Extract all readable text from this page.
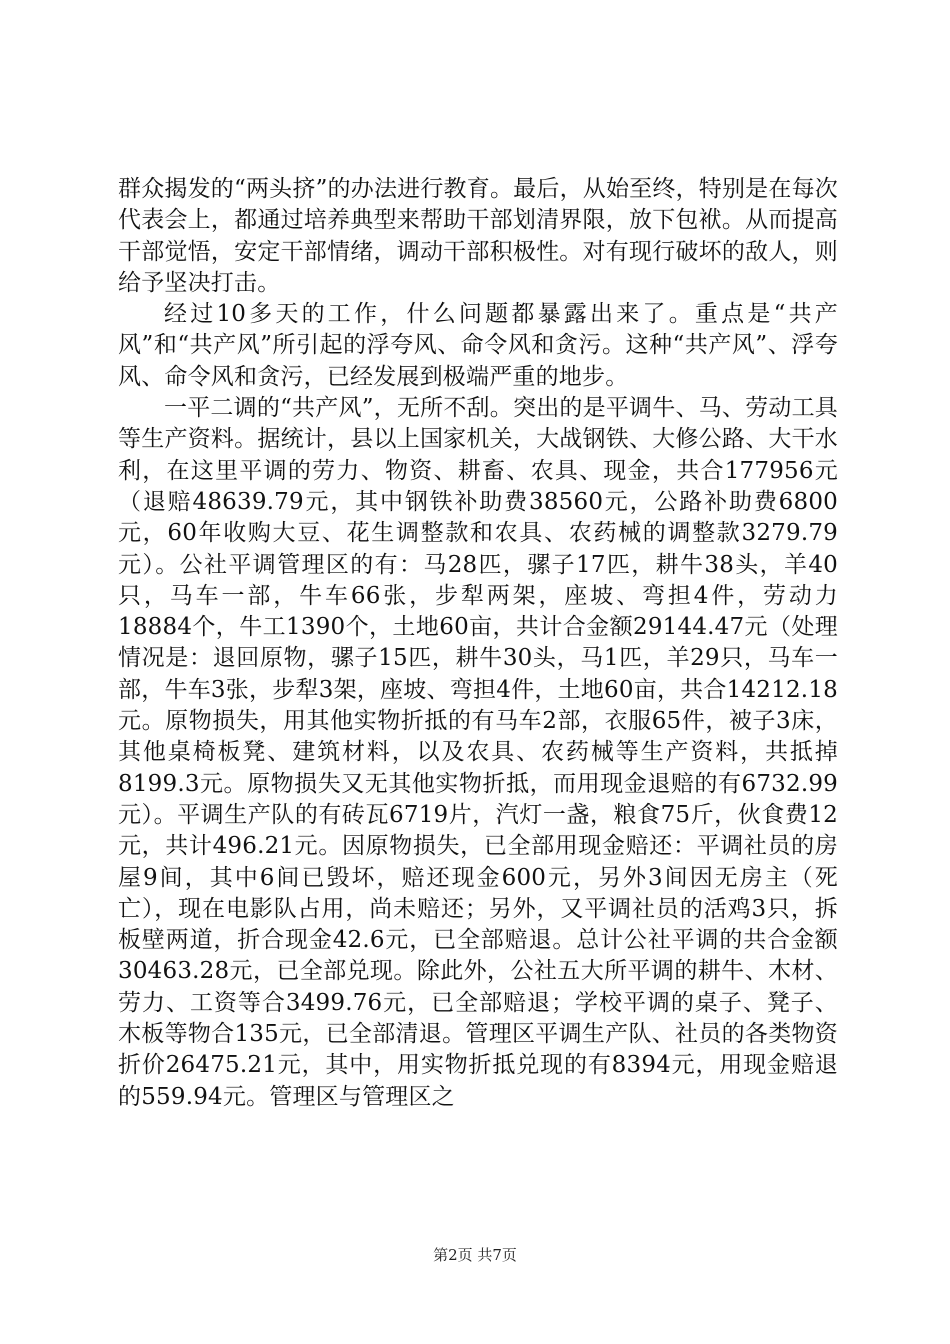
群众揭发的“两头挤”的办法进行教育。最后，从始至终，特别是在每次代表会上，都通过培养典型来帮助干部划清界限，放下包袱。从而提高干部觉悟，安定干部情绪，调动干部积极性。对有现行破坏的敌人，则给予坚决打击。

经过10多天的工作，什么问题都暴露出来了。重点是“共产风”和“共产风”所引起的浮夸风、命令风和贪污。这种“共产风”、浮夸风、命令风和贪污，已经发展到极端严重的地步。

一平二调的“共产风”，无所不刮。突出的是平调牛、马、劳动工具等生产资料。据统计，县以上国家机关，大战钢铁、大修公路、大干水利，在这里平调的劳力、物资、耕畜、农具、现金，共合177956元（退赔48639.79元，其中钢铁补助费38560元，公路补助费6800元，60年收购大豆、花生调整款和农具、农药械的调整款3279.79元）。公社平调管理区的有：马28匹，骡子17匹，耕牛38头，羊40只，马车一部，牛车66张，步犁两架，座坡、弯担4件，劳动力18884个，牛工1390个，土地60亩，共计合金额29144.47元（处理情况是：退回原物，骡子15匹，耕牛30头，马1匹，羊29只，马车一部，牛车3张，步犁3架，座坡、弯担4件，土地60亩，共合14212.18元。原物损失，用其他实物折抵的有马车2部，衣服65件，被子3床，其他桌椅板凳、建筑材料，以及农具、农药械等生产资料，共抵掉8199.3元。原物损失又无其他实物折抵，而用现金退赔的有6732.99元）。平调生产队的有砖瓦6719片，汽灯一盏，粮食75斤，伙食费12元，共计496.21元。因原物损失，已全部用现金赔还：平调社员的房屋9间，其中6间已毁坏，赔还现金600元，另外3间因无房主（死亡），现在电影队占用，尚未赔还；另外，又平调社员的活鸡3只，拆板壁两道，折合现金42.6元，已全部赔退。总计公社平调的共合金额30463.28元，已全部兑现。除此外，公社五大所平调的耕牛、木材、劳力、工资等合3499.76元，已全部赔退；学校平调的桌子、凳子、木板等物合135元，已全部清退。管理区平调生产队、社员的各类物资折价26475.21元，其中，用实物折抵兑现的有8394元，用现金赔退的559.94元。管理区与管理区之

第2页 共7页
